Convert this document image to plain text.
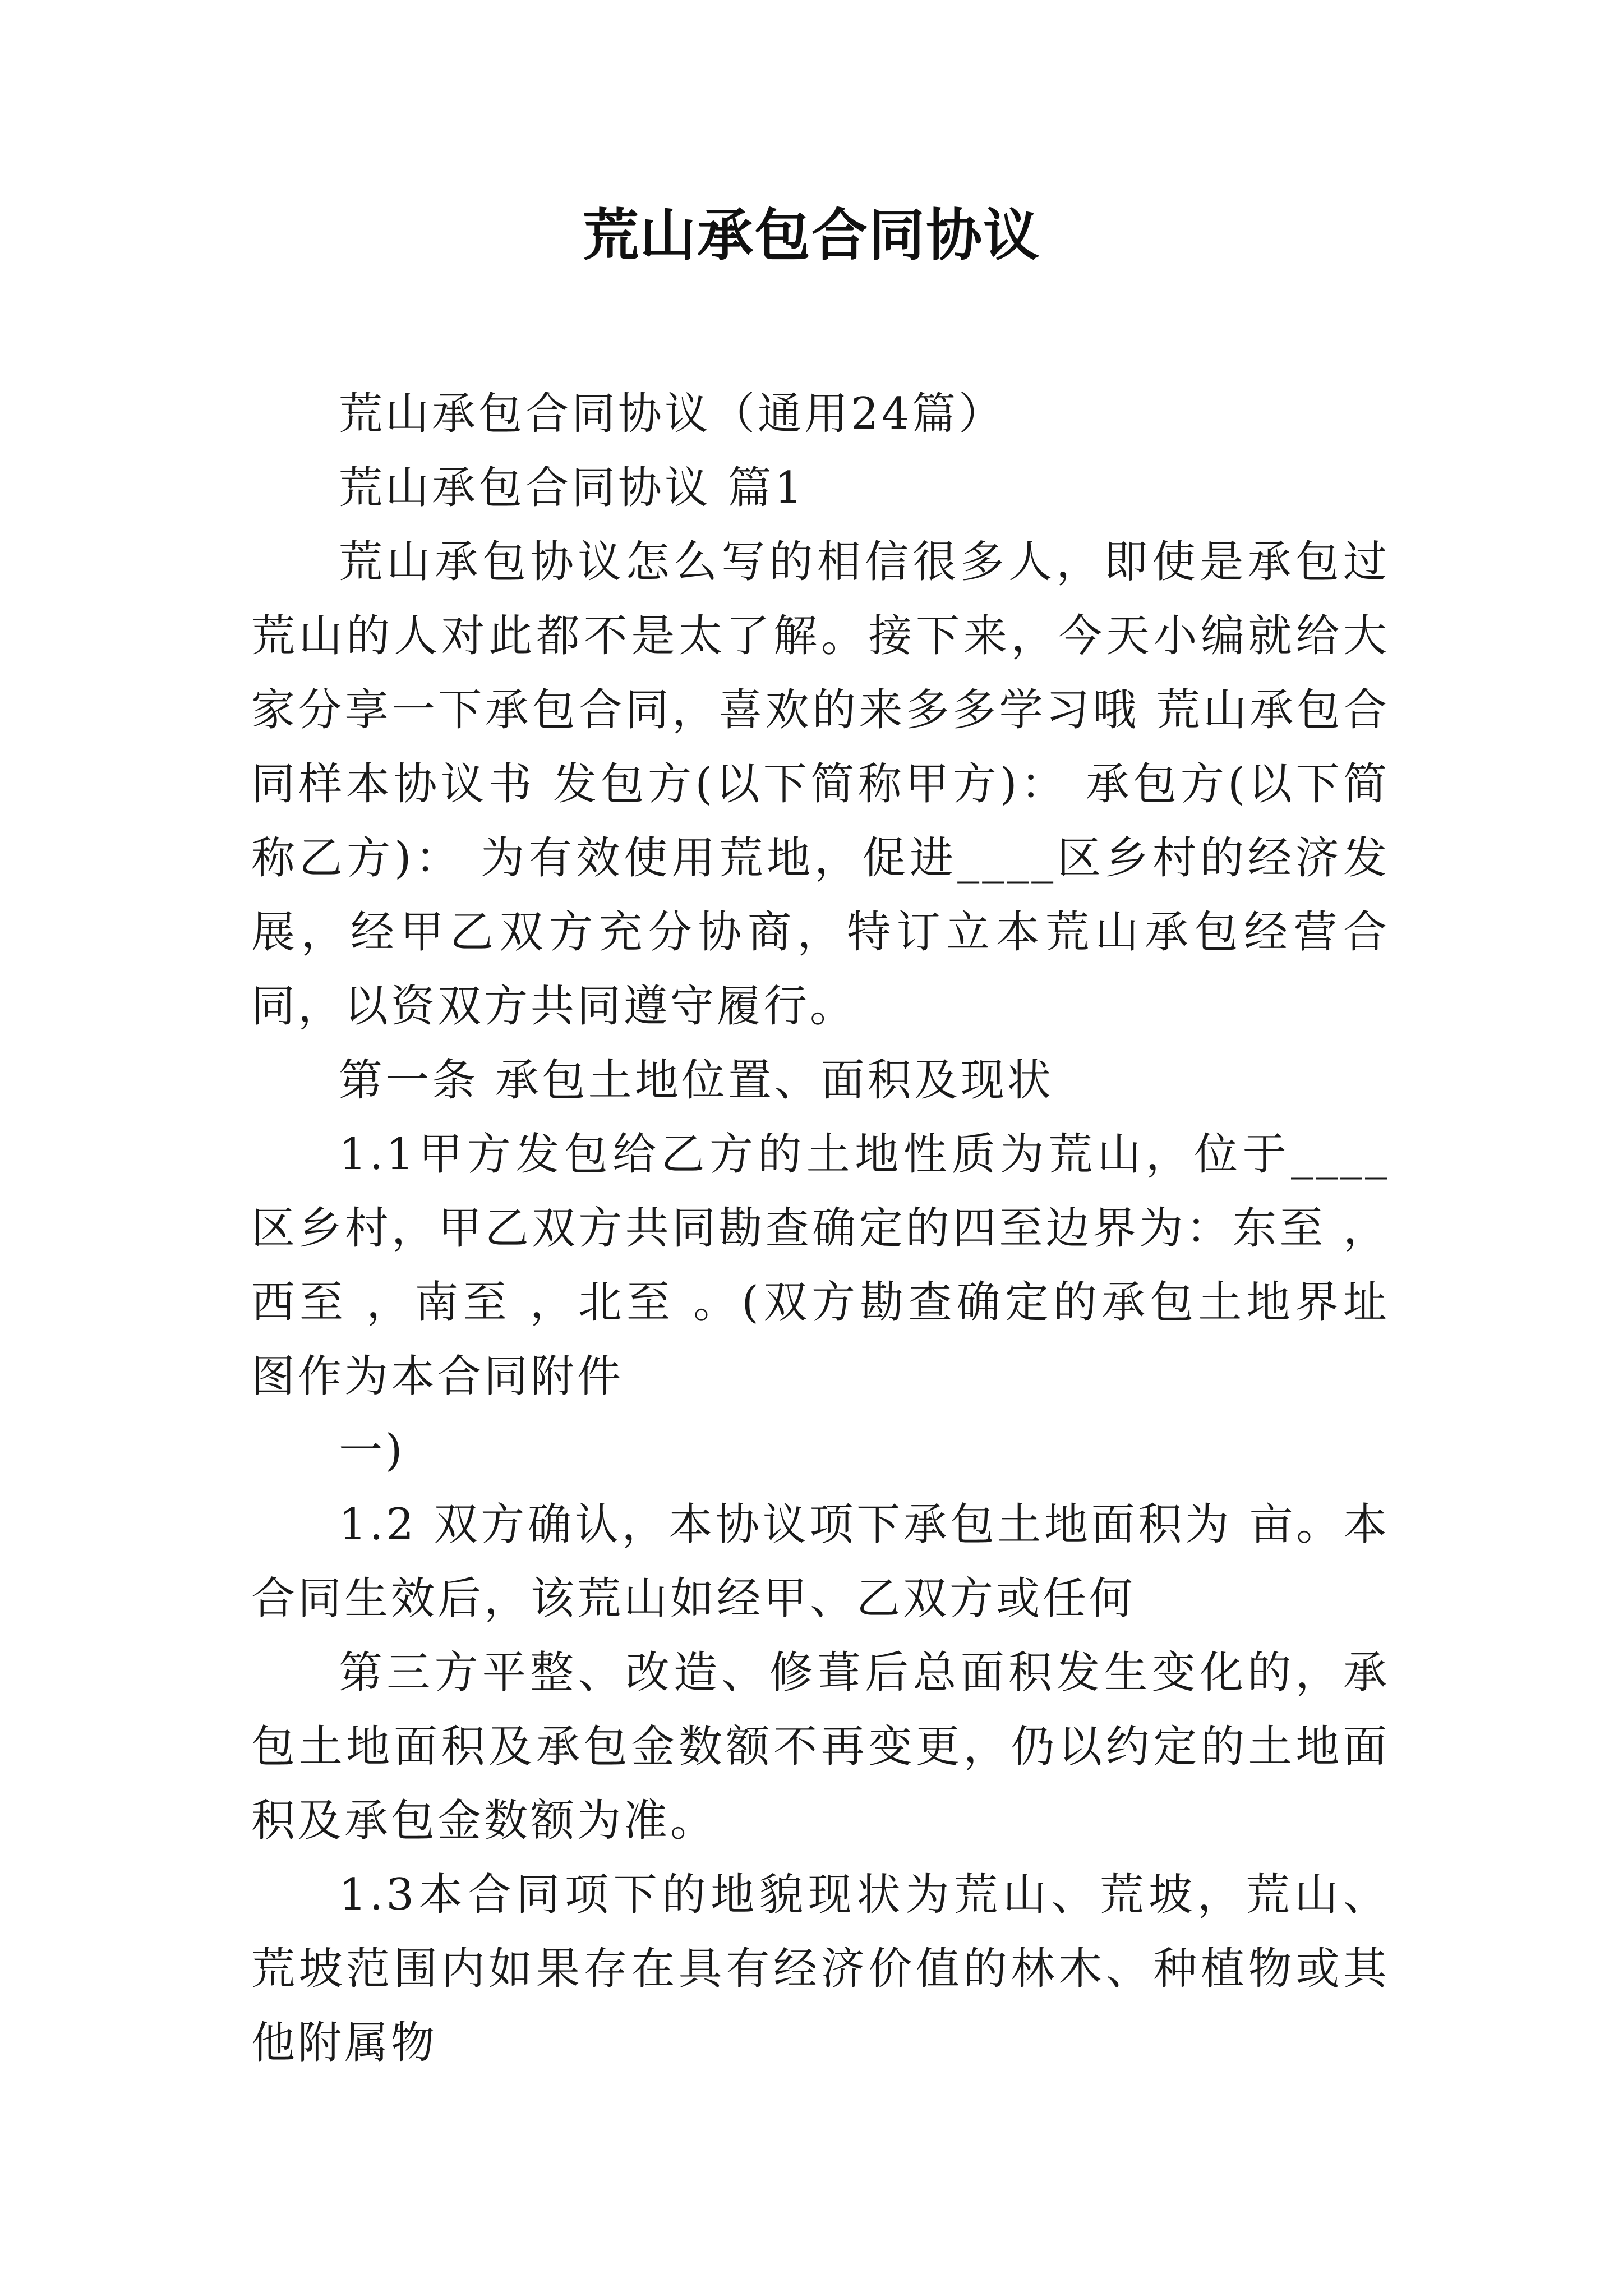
荒山承包合同协议

荒山承包合同协议（通用24篇）

荒山承包合同协议 篇1

荒山承包协议怎么写的相信很多人，即使是承包过荒山的人对此都不是太了解。接下来，今天小编就给大家分享一下承包合同，喜欢的来多多学习哦 荒山承包合同样本协议书 发包方(以下简称甲方)： 承包方(以下简称乙方)： 为有效使用荒地，促进____区乡村的经济发展，经甲乙双方充分协商，特订立本荒山承包经营合同，以资双方共同遵守履行。

第一条 承包土地位置、面积及现状

1.1甲方发包给乙方的土地性质为荒山，位于____区乡村，甲乙双方共同勘查确定的四至边界为：东至 ，西至 ，南至 ，北至 。(双方勘查确定的承包土地界址图作为本合同附件

一)

1.2 双方确认，本协议项下承包土地面积为 亩。本合同生效后，该荒山如经甲、乙双方或任何

第三方平整、改造、修葺后总面积发生变化的，承包土地面积及承包金数额不再变更，仍以约定的土地面积及承包金数额为准。

1.3本合同项下的地貌现状为荒山、荒坡，荒山、荒坡范围内如果存在具有经济价值的林木、种植物或其他附属物
